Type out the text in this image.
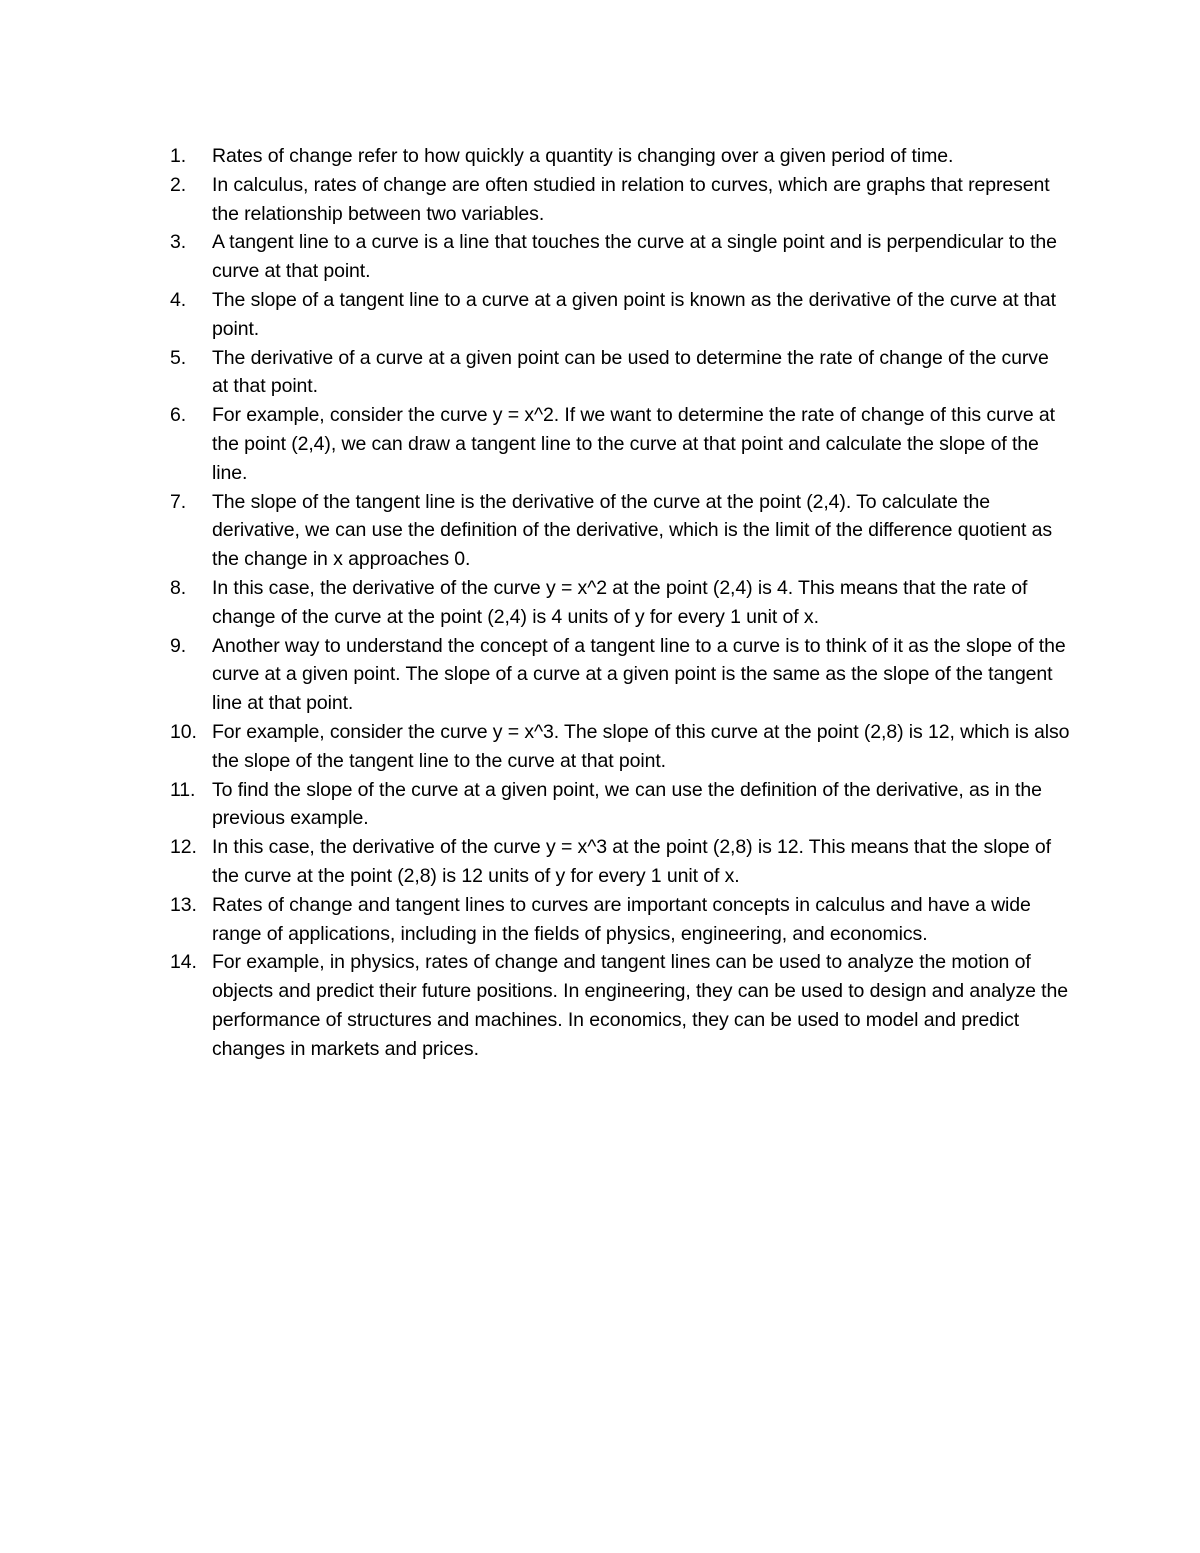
1.	Rates of change refer to how quickly a quantity is changing over a given period of time.
2.	In calculus, rates of change are often studied in relation to curves, which are graphs that represent the relationship between two variables.
3.	A tangent line to a curve is a line that touches the curve at a single point and is perpendicular to the curve at that point.
4.	The slope of a tangent line to a curve at a given point is known as the derivative of the curve at that point.
5.	The derivative of a curve at a given point can be used to determine the rate of change of the curve at that point.
6.	For example, consider the curve y = x^2. If we want to determine the rate of change of this curve at the point (2,4), we can draw a tangent line to the curve at that point and calculate the slope of the line.
7.	The slope of the tangent line is the derivative of the curve at the point (2,4). To calculate the derivative, we can use the definition of the derivative, which is the limit of the difference quotient as the change in x approaches 0.
8.	In this case, the derivative of the curve y = x^2 at the point (2,4) is 4. This means that the rate of change of the curve at the point (2,4) is 4 units of y for every 1 unit of x.
9.	Another way to understand the concept of a tangent line to a curve is to think of it as the slope of the curve at a given point. The slope of a curve at a given point is the same as the slope of the tangent line at that point.
10. For example, consider the curve y = x^3. The slope of this curve at the point (2,8) is 12, which is also the slope of the tangent line to the curve at that point.
11. To find the slope of the curve at a given point, we can use the definition of the derivative, as in the previous example.
12. In this case, the derivative of the curve y = x^3 at the point (2,8) is 12. This means that the slope of the curve at the point (2,8) is 12 units of y for every 1 unit of x.
13. Rates of change and tangent lines to curves are important concepts in calculus and have a wide range of applications, including in the fields of physics, engineering, and economics.
14. For example, in physics, rates of change and tangent lines can be used to analyze the motion of objects and predict their future positions. In engineering, they can be used to design and analyze the performance of structures and machines. In economics, they can be used to model and predict changes in markets and prices.
